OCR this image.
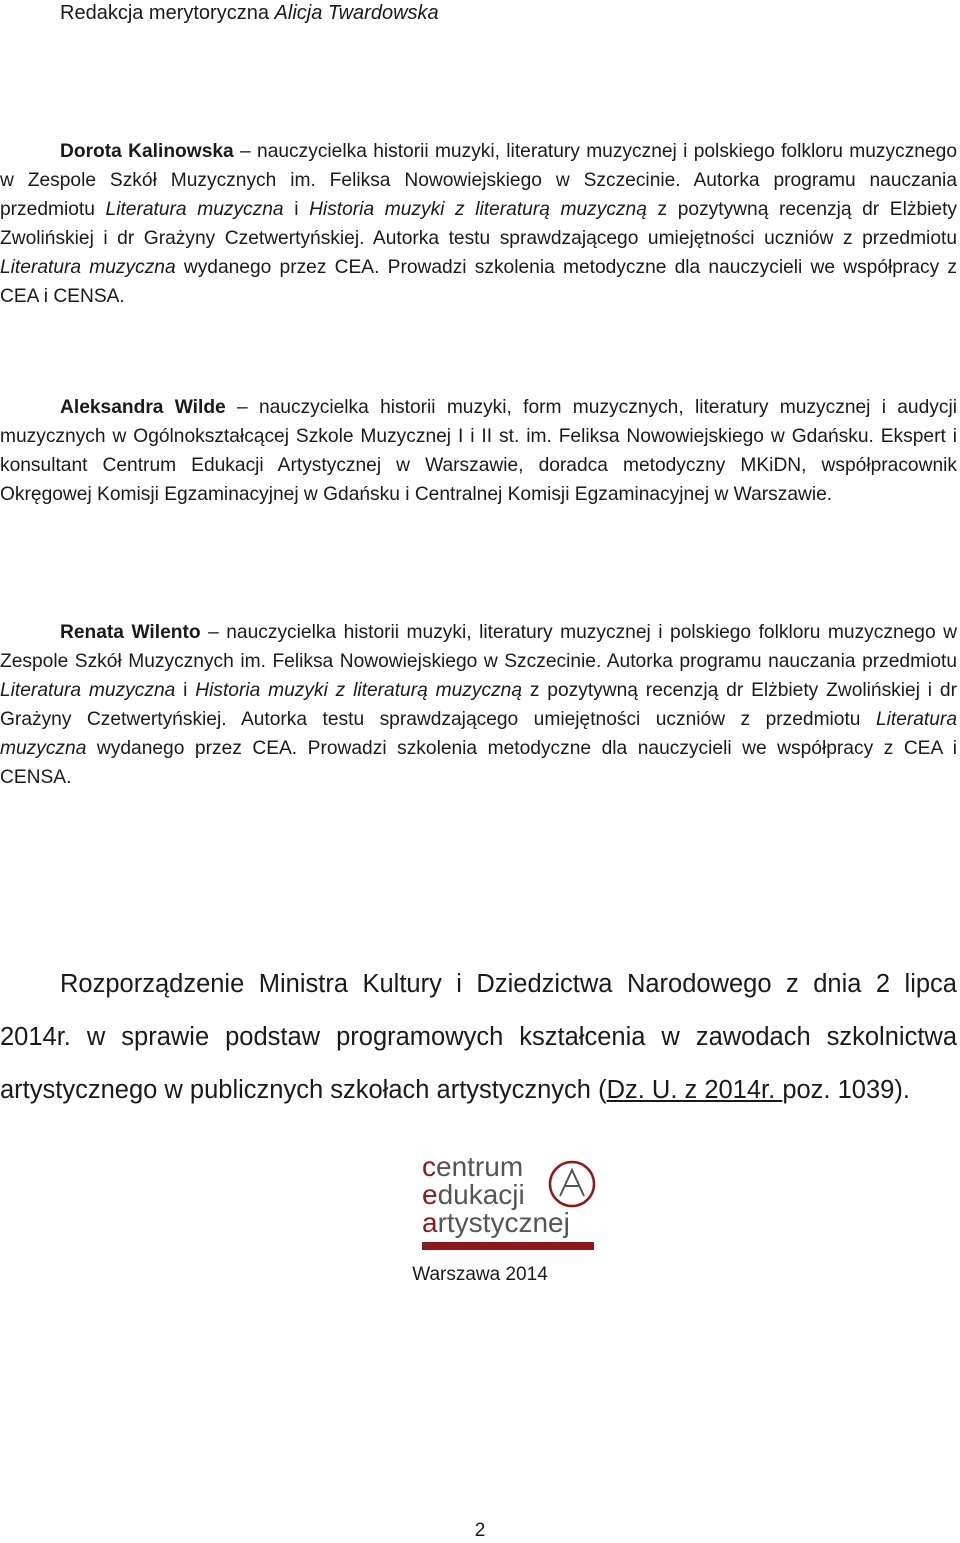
Redakcja merytoryczna Alicja Twardowska

Dorota Kalinowska – nauczycielka historii muzyki, literatury muzycznej i polskiego folkloru muzycznego w Zespole Szkół Muzycznych im. Feliksa Nowowiejskiego w Szczecinie. Autorka programu nauczania przedmiotu Literatura muzyczna i Historia muzyki z literaturą muzyczną z pozytywną recenzją dr Elżbiety Zwolińskiej i dr Grażyny Czetwertyńskiej. Autorka testu sprawdzającego umiejętności uczniów z przedmiotu Literatura muzyczna wydanego przez CEA. Prowadzi szkolenia metodyczne dla nauczycieli we współpracy z CEA i CENSA.

Aleksandra Wilde – nauczycielka historii muzyki, form muzycznych, literatury muzycznej i audycji muzycznych w Ogólnokształcącej Szkole Muzycznej I i II st. im. Feliksa Nowowiejskiego w Gdańsku. Ekspert i konsultant Centrum Edukacji Artystycznej w Warszawie, doradca metodyczny MKiDN, współpracownik Okręgowej Komisji Egzaminacyjnej w Gdańsku i Centralnej Komisji Egzaminacyjnej w Warszawie.

Renata Wilento – nauczycielka historii muzyki, literatury muzycznej i polskiego folkloru muzycznego w Zespole Szkół Muzycznych im. Feliksa Nowowiejskiego w Szczecinie. Autorka programu nauczania przedmiotu Literatura muzyczna i Historia muzyki z literaturą muzyczną z pozytywną recenzją dr Elżbiety Zwolińskiej i dr Grażyny Czetwertyńskiej. Autorka testu sprawdzającego umiejętności uczniów z przedmiotu Literatura muzyczna wydanego przez CEA. Prowadzi szkolenia metodyczne dla nauczycieli we współpracy z CEA i CENSA.

Rozporządzenie Ministra Kultury i Dziedzictwa Narodowego z dnia 2 lipca 2014r. w sprawie podstaw programowych kształcenia w zawodach szkolnictwa artystycznego w publicznych szkołach artystycznych (Dz. U. z 2014r. poz. 1039).

centrum
edukacji
artystycznej
Warszawa 2014
2
